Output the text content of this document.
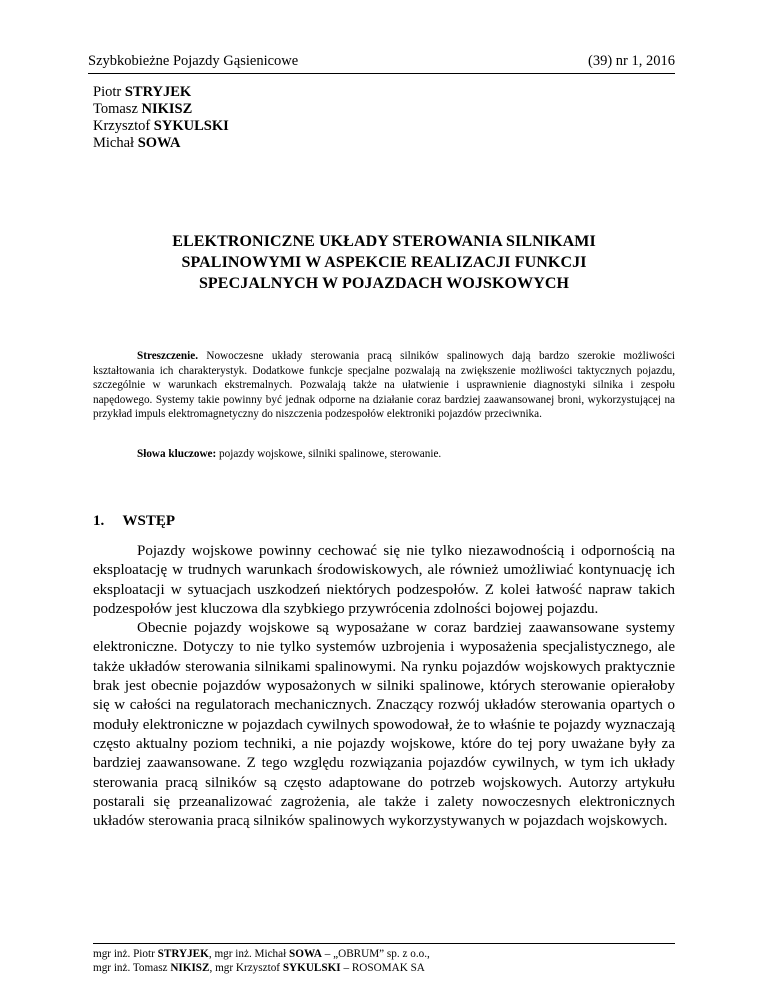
Szybkobieżne Pojazdy Gąsienicowe	(39) nr 1, 2016
Piotr STRYJEK
Tomasz NIKISZ
Krzysztof SYKULSKI
Michał SOWA
ELEKTRONICZNE UKŁADY STEROWANIA SILNIKAMI
SPALINOWYMI W ASPEKCIE REALIZACJI FUNKCJI
SPECJALNYCH W POJAZDACH WOJSKOWYCH
Streszczenie. Nowoczesne układy sterowania pracą silników spalinowych dają bardzo szerokie możliwości kształtowania ich charakterystyk. Dodatkowe funkcje specjalne pozwalają na zwiększenie możliwości taktycznych pojazdu, szczególnie w warunkach ekstremalnych. Pozwalają także na ułatwienie i usprawnienie diagnostyki silnika i zespołu napędowego. Systemy takie powinny być jednak odporne na działanie coraz bardziej zaawansowanej broni, wykorzystującej na przykład impuls elektromagnetyczny do niszczenia podzespołów elektroniki pojazdów przeciwnika.
Słowa kluczowe: pojazdy wojskowe, silniki spalinowe, sterowanie.
1. WSTĘP

Pojazdy wojskowe powinny cechować się nie tylko niezawodnością i odpornością na eksploatację w trudnych warunkach środowiskowych, ale również umożliwiać kontynuację ich eksploatacji w sytuacjach uszkodzeń niektórych podzespołów. Z kolei łatwość napraw takich podzespołów jest kluczowa dla szybkiego przywrócenia zdolności bojowej pojazdu.

Obecnie pojazdy wojskowe są wyposażane w coraz bardziej zaawansowane systemy elektroniczne. Dotyczy to nie tylko systemów uzbrojenia i wyposażenia specjalistycznego, ale także układów sterowania silnikami spalinowymi. Na rynku pojazdów wojskowych praktycznie brak jest obecnie pojazdów wyposażonych w silniki spalinowe, których sterowanie opierałoby się w całości na regulatorach mechanicznych. Znaczący rozwój układów sterowania opartych o moduły elektroniczne w pojazdach cywilnych spowodował, że to właśnie te pojazdy wyznaczają często aktualny poziom techniki, a nie pojazdy wojskowe, które do tej pory uważane były za bardziej zaawansowane. Z tego względu rozwiązania pojazdów cywilnych, w tym ich układy sterowania pracą silników są często adaptowane do potrzeb wojskowych. Autorzy artykułu postarali się przeanalizować zagrożenia, ale także i zalety nowoczesnych elektronicznych układów sterowania pracą silników spalinowych wykorzystywanych w pojazdach wojskowych.

mgr inż. Piotr STRYJEK, mgr inż. Michał SOWA – „OBRUM” sp. z o.o.,
mgr inż. Tomasz NIKISZ, mgr Krzysztof SYKULSKI – ROSOMAK SA
